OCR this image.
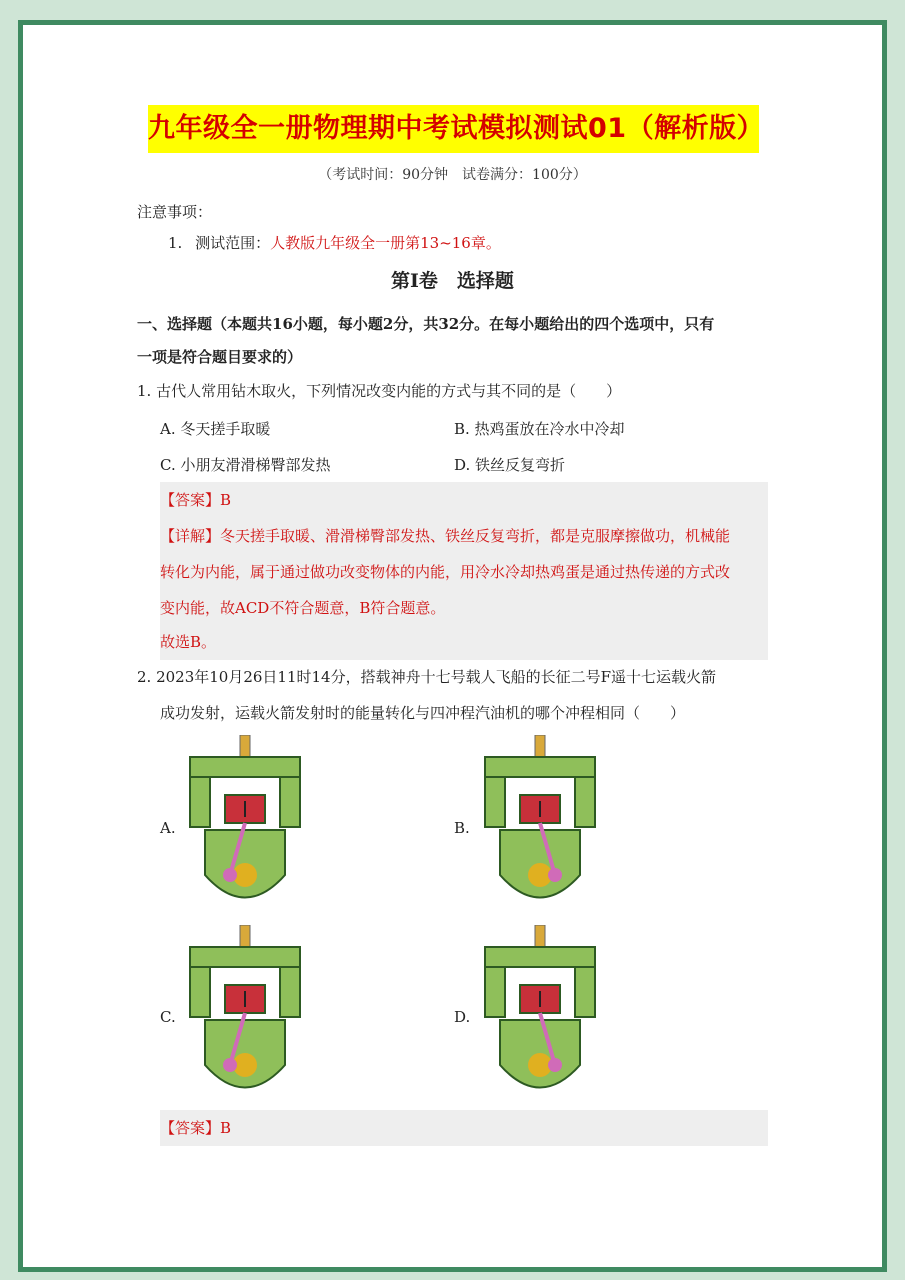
九年级全一册物理期中考试模拟测试01（解析版）
（考试时间：90分钟　试卷满分：100分）
注意事项：
1. 测试范围：人教版九年级全一册第13~16章。
第Ⅰ卷　选择题
一、选择题（本题共16小题，每小题2分，共32分。在每小题给出的四个选项中，只有
一项是符合题目要求的）
1. 古代人常用钻木取火，下列情况改变内能的方式与其不同的是（　　）
A. 冬天搓手取暖	B. 热鸡蛋放在冷水中冷却
C. 小朋友滑滑梯臀部发热	D. 铁丝反复弯折
【答案】B
【详解】冬天搓手取暖、滑滑梯臀部发热、铁丝反复弯折，都是克服摩擦做功，机械能
转化为内能，属于通过做功改变物体的内能，用冷水冷却热鸡蛋是通过热传递的方式改
变内能，故ACD不符合题意，B符合题意。
故选B。
2. 2023年10月26日11时14分，搭载神舟十七号载人飞船的长征二号F遥十七运载火箭
成功发射，运载火箭发射时的能量转化与四冲程汽油机的哪个冲程相同（　　）
A.	B.
C.	D.
【答案】B
